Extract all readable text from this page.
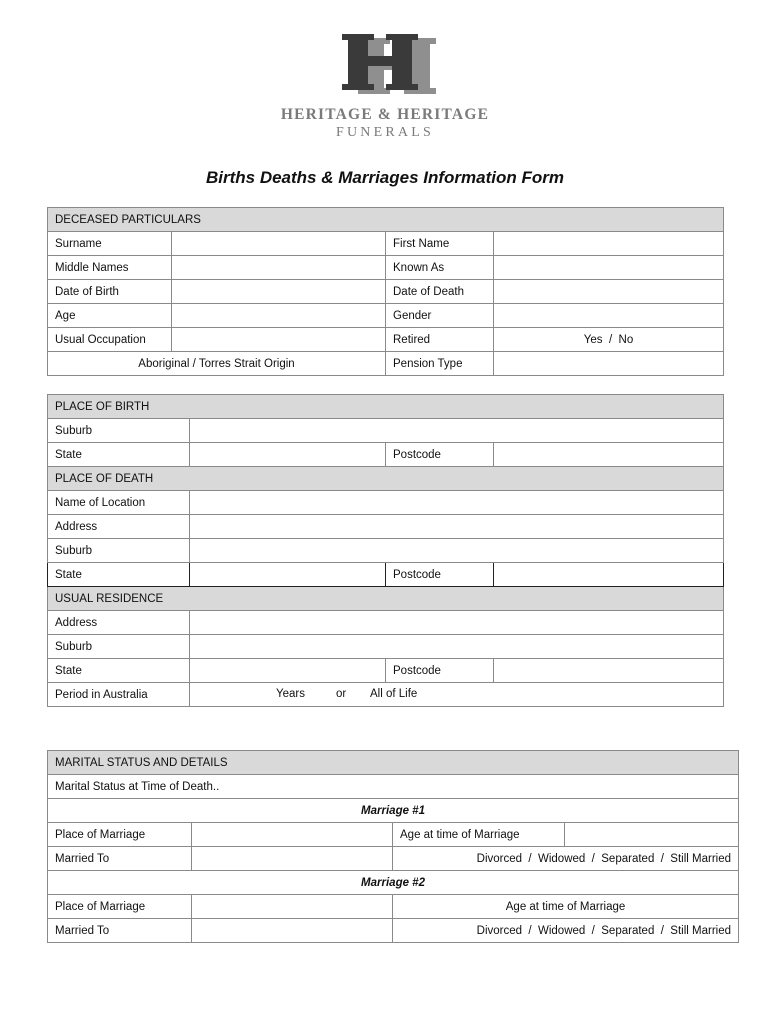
HERITAGE & HERITAGE
FUNERALS
Births Deaths & Marriages Information Form
DECEASED PARTICULARS			
Surname		First Name	
Middle Names		Known As	
Date of Birth		Date of Death	
Age		Gender	
Usual Occupation		Retired	Yes  /  No
Aboriginal / Torres Strait Origin		Pension Type	
PLACE OF BIRTH			
Suburb			
State		Postcode	
PLACE OF DEATH			
Name of Location			
Address			
Suburb			
State		Postcode	
USUAL RESIDENCE			
Address			
Suburb			
State		Postcode	
Period in Australia	Years or All of Life		
MARITAL STATUS AND DETAILS			
Marital Status at Time of Death..			
Marriage #1			
Place of Marriage		Age at time of Marriage	
Married To		Divorced  /  Widowed  /  Separated  /  Still Married	
Marriage #2			
Place of Marriage		Age at time of Marriage	
Married To		Divorced  /  Widowed  /  Separated  /  Still Married	
